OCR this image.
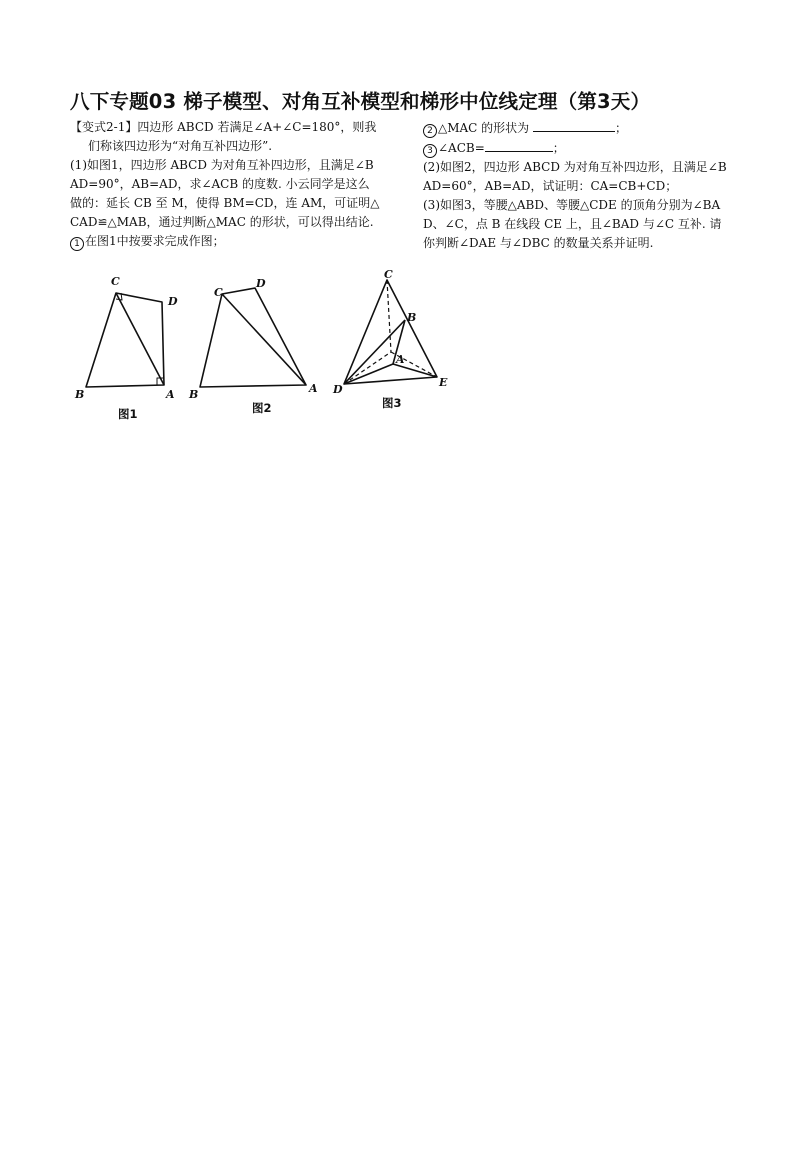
八下专题03 梯子模型、对角互补模型和梯形中位线定理（第3天）
【变式2-1】四边形 ABCD 若满足∠A+∠C=180°，则我
们称该四边形为“对角互补四边形”.
(1)如图1，四边形 ABCD 为对角互补四边形，且满足∠B
AD=90°，AB=AD，求∠ACB 的度数. 小云同学是这么
做的：延长 CB 至 M，使得 BM=CD，连 AM，可证明△
CAD≌△MAB，通过判断△MAC 的形状，可以得出结论.
1 在图1中按要求完成作图；
2 △MAC 的形状为	；
3 ∠ACB=	；
(2)如图2，四边形 ABCD 为对角互补四边形，且满足∠B
AD=60°，AB=AD，试证明：CA=CB+CD；
(3)如图3，等腰△ABD、等腰△CDE 的顶角分别为∠BA
D、∠C，点 B 在线段 CE 上，且∠BAD 与∠C 互补. 请
你判断∠DAE 与∠DBC 的数量关系并证明.
B
C
D
A
图1
B
C
D
A
图2
C
B
A
D
E
图3
